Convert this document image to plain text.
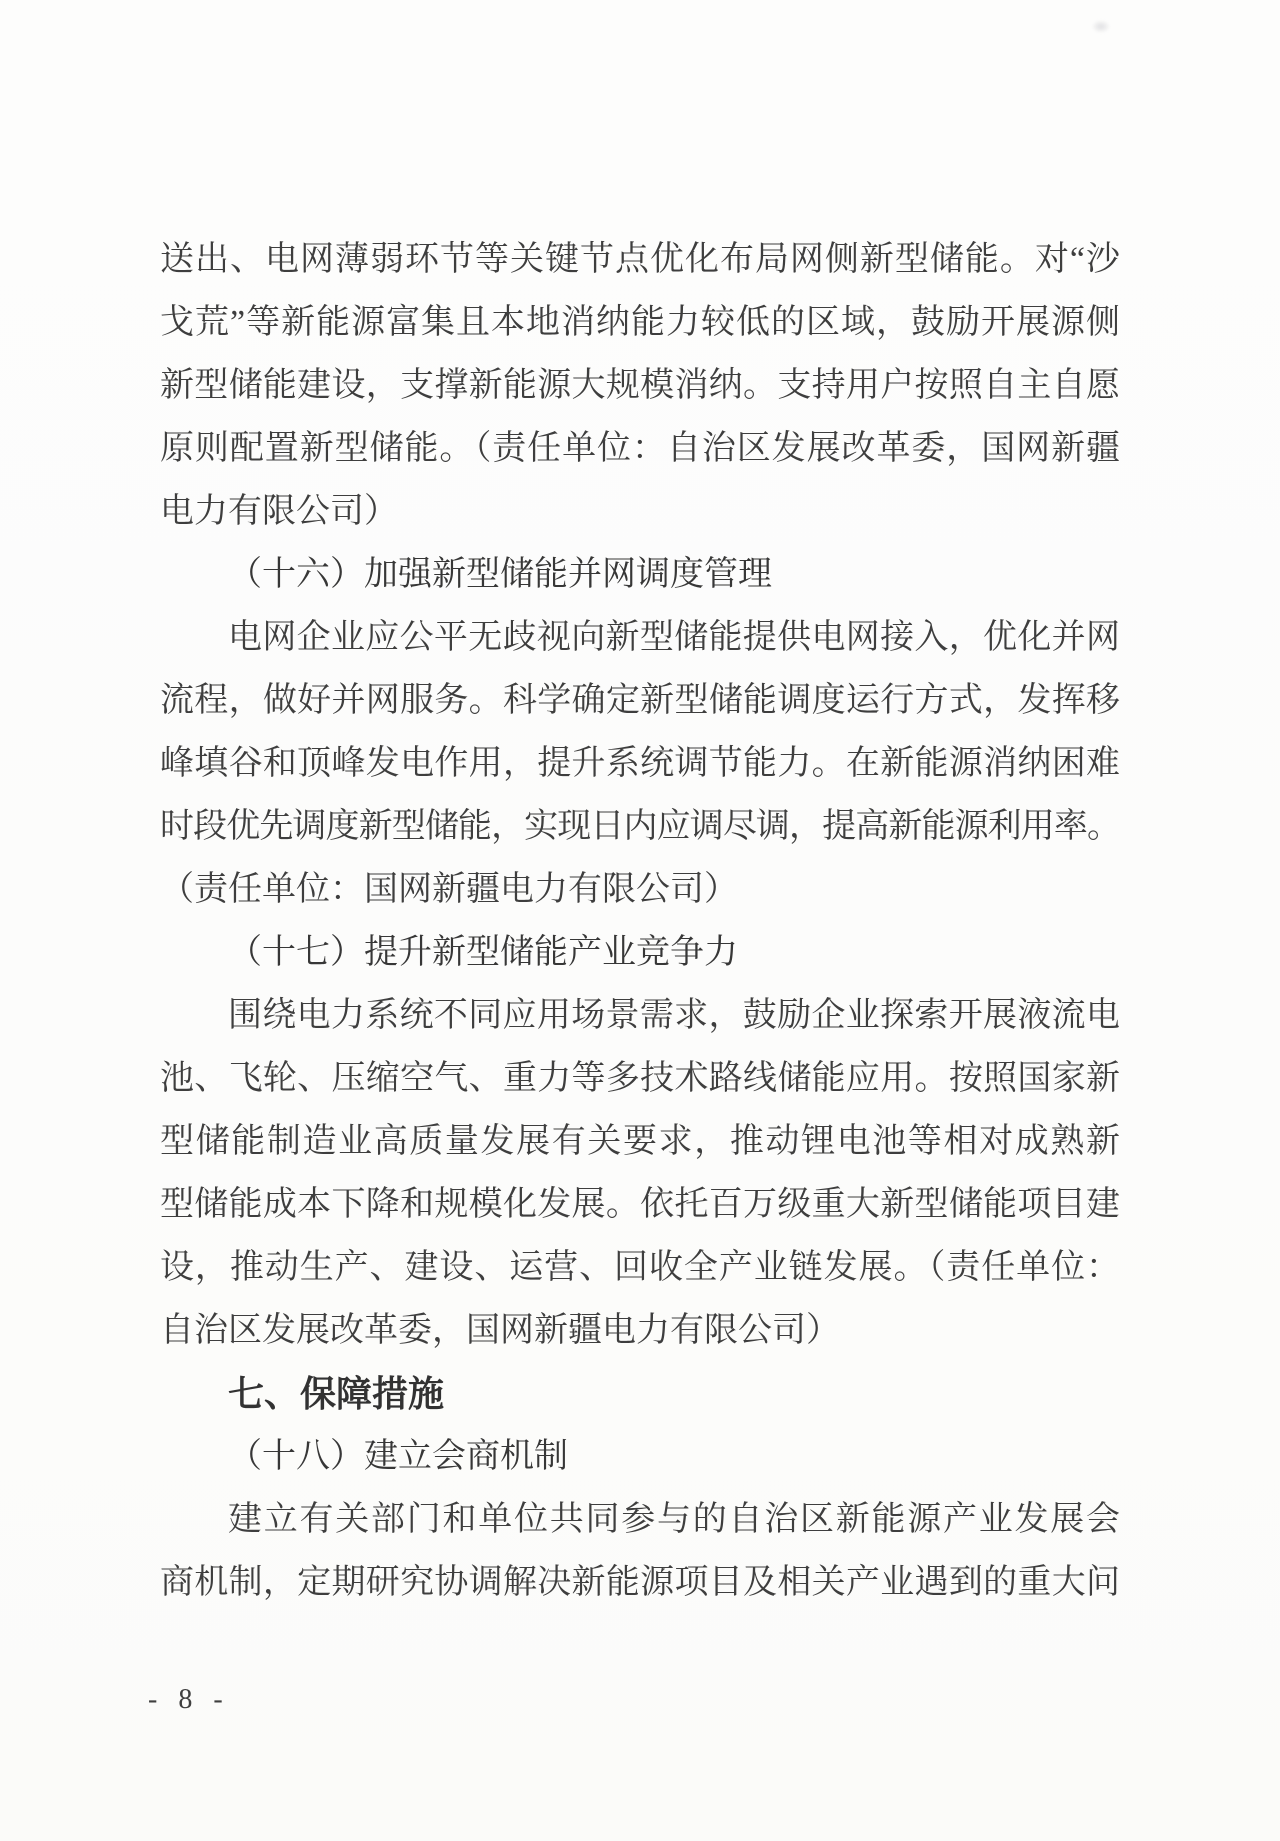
送出、电网薄弱环节等关键节点优化布局网侧新型储能。对“沙
戈荒”等新能源富集且本地消纳能力较低的区域，鼓励开展源侧
新型储能建设，支撑新能源大规模消纳。支持用户按照自主自愿
原则配置新型储能。（责任单位：自治区发展改革委，国网新疆
电力有限公司）
（十六）加强新型储能并网调度管理
电网企业应公平无歧视向新型储能提供电网接入，优化并网
流程，做好并网服务。科学确定新型储能调度运行方式，发挥移
峰填谷和顶峰发电作用，提升系统调节能力。在新能源消纳困难
时段优先调度新型储能，实现日内应调尽调，提高新能源利用率。
（责任单位：国网新疆电力有限公司）
（十七）提升新型储能产业竞争力
围绕电力系统不同应用场景需求，鼓励企业探索开展液流电
池、飞轮、压缩空气、重力等多技术路线储能应用。按照国家新
型储能制造业高质量发展有关要求，推动锂电池等相对成熟新
型储能成本下降和规模化发展。依托百万级重大新型储能项目建
设，推动生产、建设、运营、回收全产业链发展。（责任单位：
自治区发展改革委，国网新疆电力有限公司）
七、保障措施
（十八）建立会商机制
建立有关部门和单位共同参与的自治区新能源产业发展会
商机制，定期研究协调解决新能源项目及相关产业遇到的重大问
- 8 -
